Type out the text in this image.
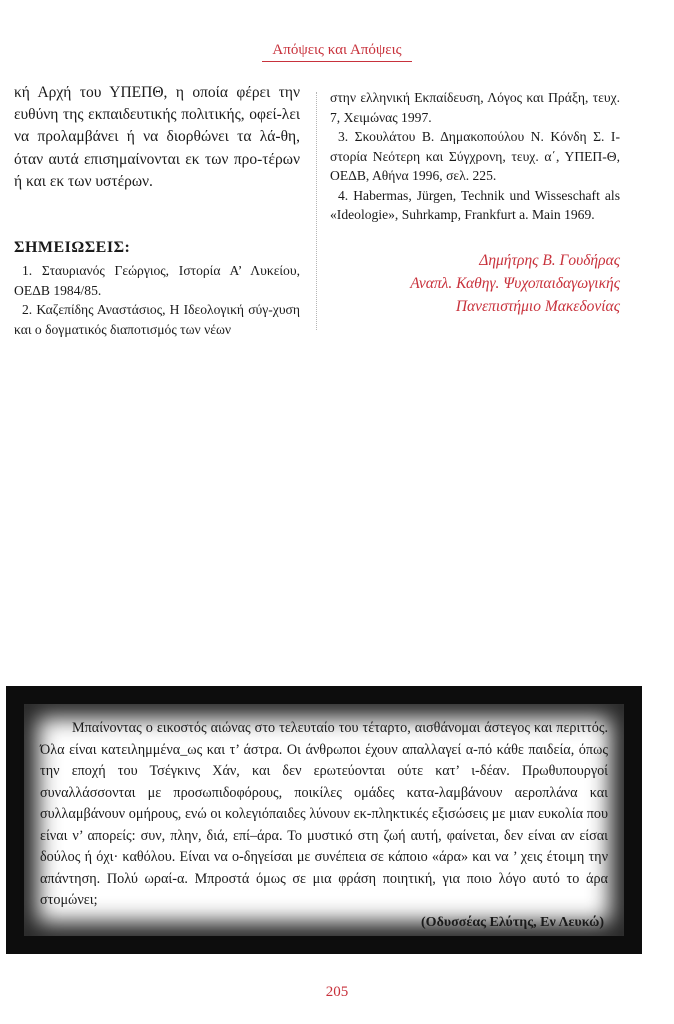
Απόψεις και Απόψεις

κή Αρχή του ΥΠΕΠΘ, η οποία φέρει την ευθύνη της εκπαιδευτικής πολιτικής, οφεί-λει να προλαμβάνει ή να διορθώνει τα λά-θη, όταν αυτά επισημαίνονται εκ των προ-τέρων ή και εκ των υστέρων.

ΣΗΜΕΙΩΣΕΙΣ:

1. Σταυριανός Γεώργιος, Ιστορία Α’ Λυκείου, ΟΕΔΒ 1984/85.

2. Καζεπίδης Αναστάσιος, Η Ιδεολογική σύγ-χυση και ο δογματικός διαποτισμός των νέων

στην ελληνική Εκπαίδευση, Λόγος και Πράξη, τευχ. 7, Χειμώνας 1997.

3. Σκουλάτου Β. Δημακοπούλου Ν. Κόνδη Σ. Ι-στορία Νεότερη και Σύγχρονη, τευχ. α΄, ΥΠΕΠ-Θ, ΟΕΔΒ, Αθήνα 1996, σελ. 225.

4. Habermas, Jürgen, Technik und Wisseschaft als «Ideologie», Suhrkamp, Frankfurt a. Main 1969.

Δημήτρης Β. Γουδήρας
Αναπλ. Καθηγ. Ψυχοπαιδαγωγικής
Πανεπιστήμιο Μακεδονίας

Μπαίνοντας ο εικοστός αιώνας στο τελευταίο του τέταρτο, αισθάνομαι άστεγος και περιττός. Όλα είναι κατειλημμένα_ως και τ’ άστρα. Οι άνθρωποι έχουν απαλλαγεί α-πό κάθε παιδεία, όπως την εποχή του Τσέγκινς Χάν, και δεν ερωτεύονται ούτε κατ’ ι-δέαν. Πρωθυπουργοί συναλλάσσονται με προσωπιδοφόρους, ποικίλες ομάδες κατα-λαμβάνουν αεροπλάνα και συλλαμβάνουν ομήρους, ενώ οι κολεγιόπαιδες λύνουν εκ-πληκτικές εξισώσεις με μιαν ευκολία που είναι ν’ απορείς: συν, πλην, διά, επί–άρα. Το μυστικό στη ζωή αυτή, φαίνεται, δεν είναι αν είσαι δούλος ή όχι· καθόλου. Είναι να ο-δηγείσαι με συνέπεια σε κάποιο «άρα» και να ’ χεις έτοιμη την απάντηση. Πολύ ωραί-α. Μπροστά όμως σε μια φράση ποιητική, για ποιο λόγο αυτό το άρα στομώνει;

(Οδυσσέας Ελύτης, Εν Λευκώ)
205
